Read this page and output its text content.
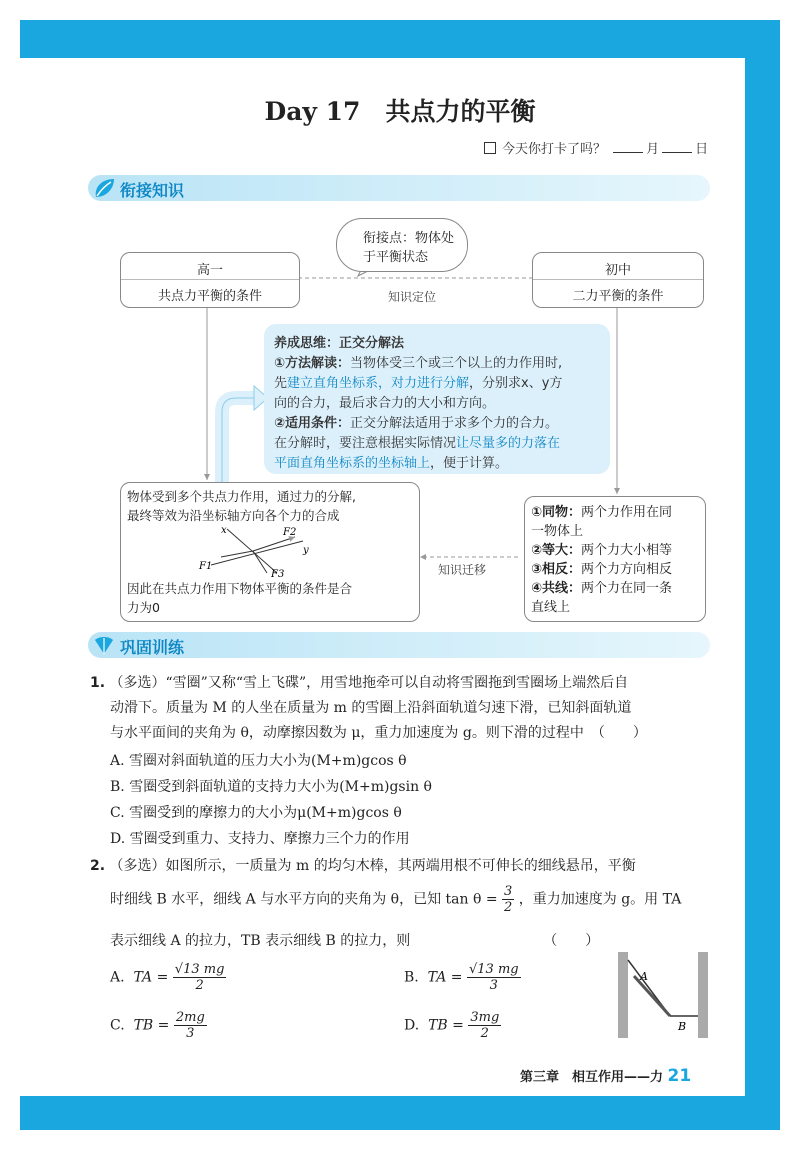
Day 17　共点力的平衡
今天你打卡了吗？	月	日
衔接知识
衔接点：物体处
于平衡状态
高一
共点力平衡的条件
初中
二力平衡的条件
知识定位
知识迁移
养成思维：正交分解法
①方法解读：当物体受三个或三个以上的力作用时,
先建立直角坐标系，对力进行分解，分别求x、y方
向的合力，最后求合力的大小和方向。
②适用条件：正交分解法适用于求多个力的合力。
在分解时，要注意根据实际情况让尽量多的力落在
平面直角坐标系的坐标轴上，便于计算。
物体受到多个共点力作用，通过力的分解,
最终等效为沿坐标轴方向各个力的合成
x
y
F2
F1
F3
因此在共点力作用下物体平衡的条件是合
力为0
①同物：两个力作用在同
一物体上
②等大：两个力大小相等
③相反：两个力方向相反
④共线：两个力在同一条
直线上
巩固训练
1. （多选）“雪圈”又称“雪上飞碟”，用雪地拖牵可以自动将雪圈拖到雪圈场上端然后自
动滑下。质量为 M 的人坐在质量为 m 的雪圈上沿斜面轨道匀速下滑，已知斜面轨道
与水平面间的夹角为 θ，动摩擦因数为 μ，重力加速度为 g。则下滑的过程中　（　　）
A. 雪圈对斜面轨道的压力大小为(M+m)gcos θ
B. 雪圈受到斜面轨道的支持力大小为(M+m)gsin θ
C. 雪圈受到的摩擦力的大小为μ(M+m)gcos θ
D. 雪圈受到重力、支持力、摩擦力三个力的作用
2. （多选）如图所示，一质量为 m 的均匀木棒，其两端用根不可伸长的细线悬吊，平衡
时细线 B 水平，细线 A 与水平方向的夹角为 θ，已知 $\tan \theta = \frac{3}{2}$ ，重力加速度为 g。用 TA
表示细线 A 的拉力，TB 表示细线 B 的拉力，则　　　　　　　　　　（　　）
A. TA = $\frac{√13 mg}{2}$	B. TA = $\frac{√13 mg}{3}$
C. TB = $\frac{2mg}{3}$	D. TB = $\frac{3mg}{2}$
A
B
第三章　相互作用——力 21
